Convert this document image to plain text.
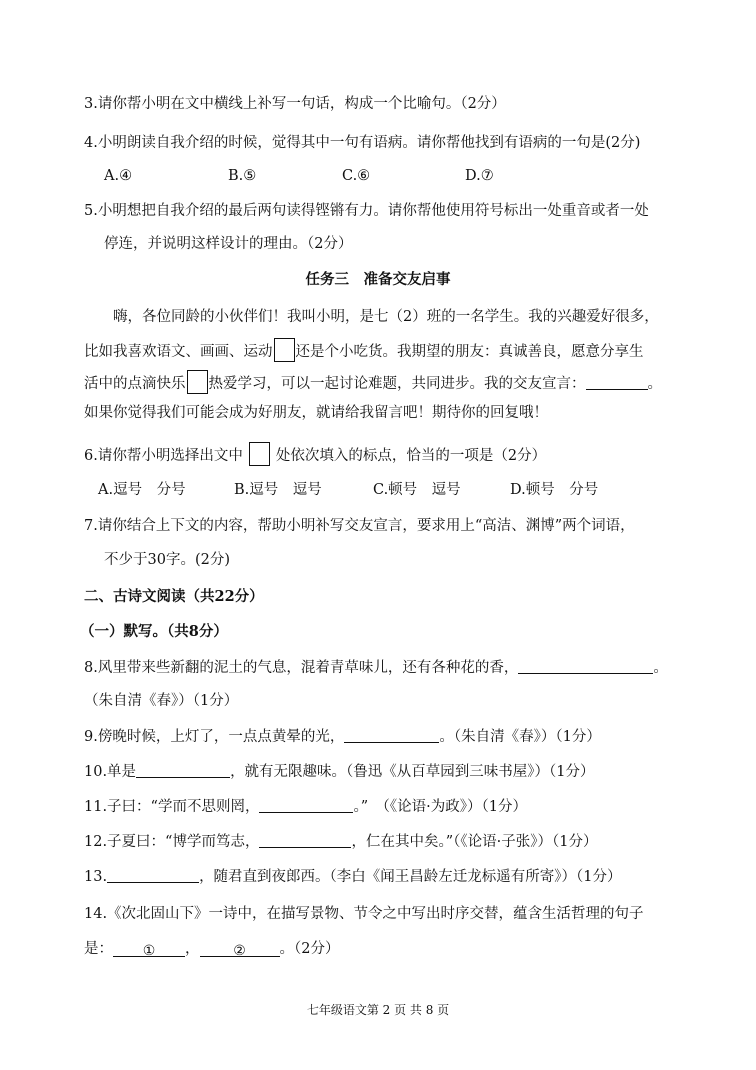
3.请你帮小明在文中横线上补写一句话，构成一个比喻句。（2分）
4.小明朗读自我介绍的时候，觉得其中一句有语病。请你帮他找到有语病的一句是(2分)
A.④	B.⑤	C.⑥	D.⑦
5.小明想把自我介绍的最后两句读得铿锵有力。请你帮他使用符号标出一处重音或者一处
停连，并说明这样设计的理由。（2分）
任务三　准备交友启事
嗨，各位同龄的小伙伴们！我叫小明，是七（2）班的一名学生。我的兴趣爱好很多，
比如我喜欢语文、画画、运动 还是个小吃货。我期望的朋友：真诚善良，愿意分享生
活中的点滴快乐 热爱学习，可以一起讨论难题，共同进步。我的交友宣言：	。
如果你觉得我们可能会成为好朋友，就请给我留言吧！期待你的回复哦！
6.请你帮小明选择出文中 处依次填入的标点，恰当的一项是（2分）
A.逗号　分号	B.逗号　逗号	C.顿号　逗号	D.顿号　分号
7.请你结合上下文的内容，帮助小明补写交友宣言，要求用上“高洁、渊博”两个词语，
不少于30字。(2分)
二、古诗文阅读（共22分）
（一）默写。（共8分）
8.风里带来些新翻的泥土的气息，混着青草味儿，还有各种花的香，	。
（朱自清《春》）（1分）
9.傍晚时候，上灯了，一点点黄晕的光，	。（朱自清《春》）（1分）
10.单是	，就有无限趣味。（鲁迅《从百草园到三味书屋》）（1分）
11.子曰：“学而不思则罔，	。”　（《论语·为政》）（1分）
12.子夏曰：“博学而笃志，	，仁在其中矣。”（《论语·子张》）（1分）
13.	，随君直到夜郎西。（李白《闻王昌龄左迁龙标遥有所寄》）（1分）
14.《次北固山下》一诗中，在描写景物、节令之中写出时序交替，蕴含生活哲理的句子
是： ① ， ② 。（2分）
七年级语文第 2 页 共 8 页
